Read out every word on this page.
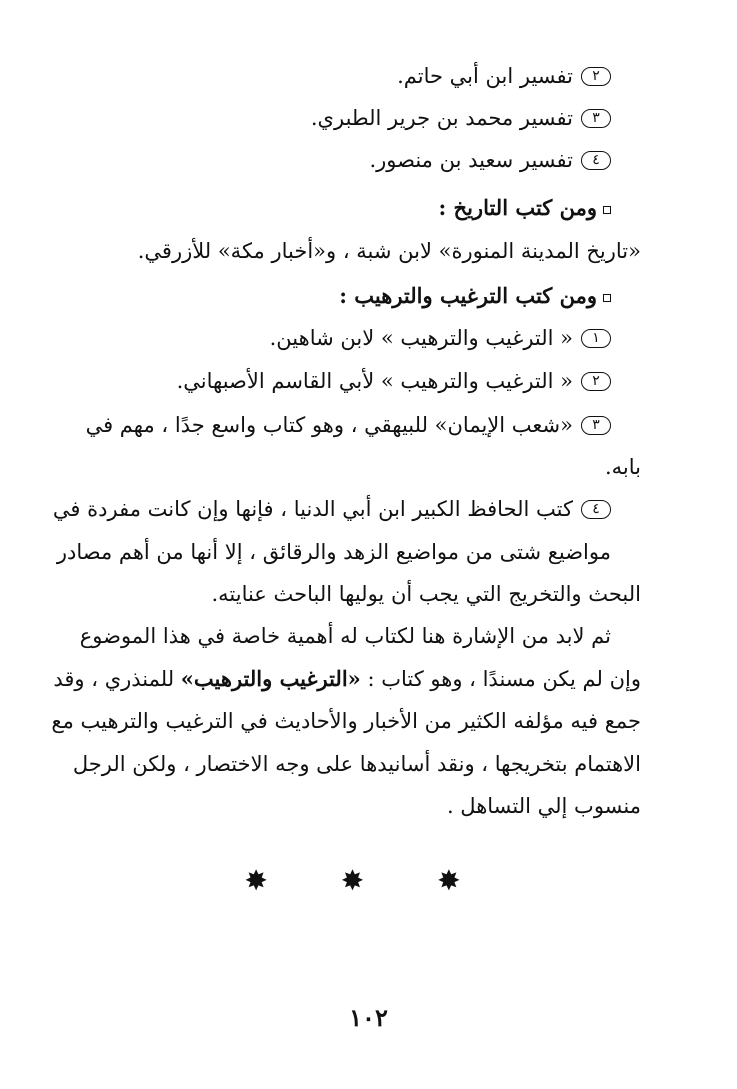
٢
تفسير ابن أبي حاتم.
٣
تفسير محمد بن جرير الطبري.
٤
تفسير سعيد بن منصور.
ومن كتب التاريخ :
«تاريخ المدينة المنورة» لابن شبة ، و«أخبار مكة» للأزرقي.
ومن كتب الترغيب والترهيب :
١
« الترغيب والترهيب » لابن شاهين.
٢
« الترغيب والترهيب » لأبي القاسم الأصبهاني.
٣
«شعب الإيمان» للبيهقي ، وهو كتاب واسع جدًا ، مهم في
بابه.
٤
كتب الحافظ الكبير ابن أبي الدنيا ، فإنها وإن كانت مفردة في
مواضيع شتى من مواضيع الزهد والرقائق ، إلا أنها من أهم مصادر
البحث والتخريج التي يجب أن يوليها الباحث عنايته.
ثم لابد من الإشارة هنا لكتاب له أهمية خاصة في هذا الموضوع
وإن لم يكن مسندًا ، وهو كتاب : «الترغيب والترهيب» للمنذري ، وقد
جمع فيه مؤلفه الكثير من الأخبار والأحاديث في الترغيب والترهيب مع
الاهتمام بتخريجها ، ونقد أسانيدها على وجه الاختصار ، ولكن الرجل
منسوب إلي التساهل .
✸ ✸ ✸
١٠٢
